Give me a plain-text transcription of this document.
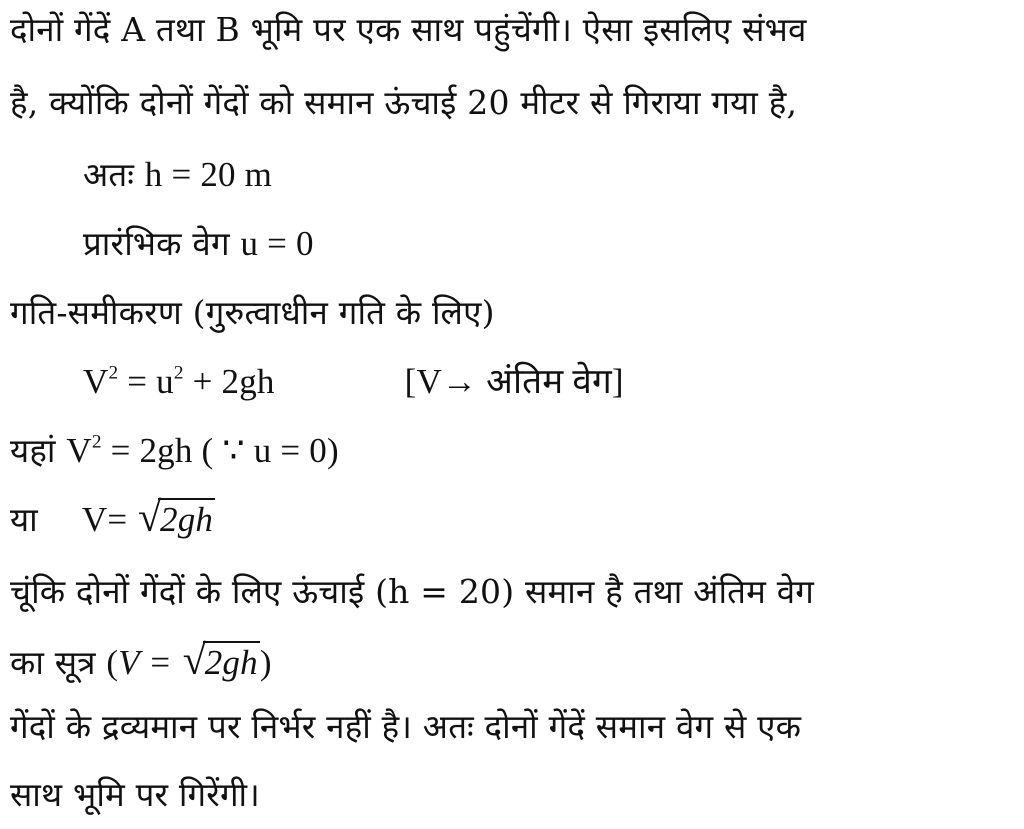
दोनों गेंदें A तथा B भूमि पर एक साथ पहुंचेंगी। ऐसा इसलिए संभव
है, क्योंकि दोनों गेंदों को समान ऊंचाई 20 मीटर से गिराया गया है,
अतः h = 20 m
प्रारंभिक वेग u = 0
गति-समीकरण (गुरुत्वाधीन गति के लिए)
$V^2 = u^2 + 2gh$	[V→ अंतिम वेग]
यहां $V^2 = 2gh$ ( ∵ u = 0)
या V= √
2gh
चूंकि दोनों गेंदों के लिए ऊंचाई (h = 20) समान है तथा अंतिम वेग
का सूत्र (V = √
2gh)
गेंदों के द्रव्यमान पर निर्भर नहीं है। अतः दोनों गेंदें समान वेग से एक
साथ भूमि पर गिरेंगी।
